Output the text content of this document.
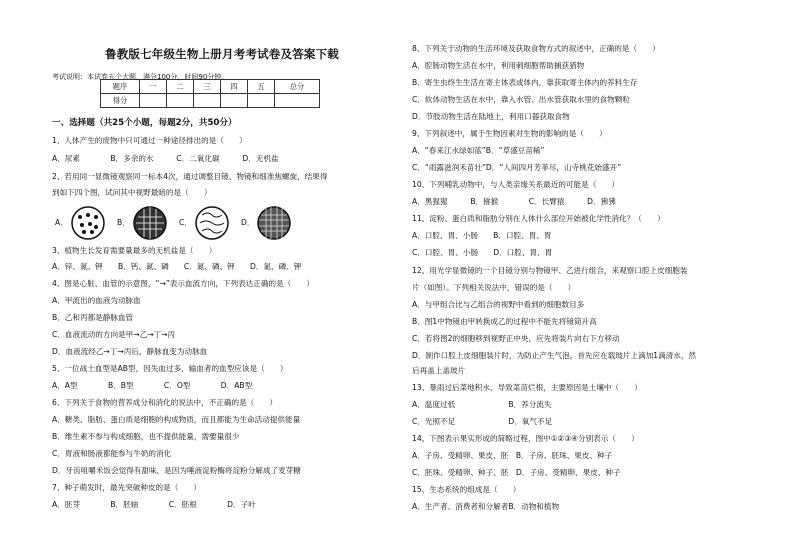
鲁教版七年级生物上册月考考试卷及答案下载
考试说明：本试卷五个大题，满分100分，时间90分钟。
题序	一	二	三	四	五	总分
得分						
一、选择题（共25个小题，每题2分，共50分）
1、人体产生的废物中只可通过一种途径排出的是（　　）
A．尿素　　　　B．多余的水　　　C．二氧化碳　　　D．无机盐
2、若用同一显微镜观察同一标本4次，通过调整目镜、物镜和细准焦螺旋，结果得
到如下四个图，试问其中视野最暗的是（　　）
A．	B．	C．	D．
3、植物生长发育需要量最多的无机盐是（　　）
A．锌、氮、钾　　B．钙、氮、磷　　C．氮、磷、钾　　D．氮、磷、钾
4、图是心脏、血管的示意图，“→”表示血流方向，下列表达正确的是（　　）
A．甲流出的血液为动脉血
B．乙和丙都是静脉血管
C．血液流动的方向是甲→乙→丁→丙
D．血液流经乙→丁→丙后，静脉血变为动脉血
5、一位战士血型是AB型，因失血过多，输血者的血型应该是（　　）
A．A型　　　　B．B型　　　　C．O型　　　　D．AB型
6、下列关于食物的营养成分和消化的说法中，不正确的是（　　）
A．糖类、脂肪、蛋白质是细胞的构成物质，而且都能为生命活动提供能量
B．维生素不参与构成细胞，也不提供能量，需要量很少
C．胃液和肠液都能参与牛奶的消化
D．牙齿咀嚼米饭会觉得有甜味，是因为唾液淀粉酶将淀粉分解成了麦芽糖
7、种子萌发时，最先突破种皮的是（　　）
A．胚芽　　　　B．胚轴　　　　C．胚根　　　　D．子叶
8、下列关于动物的生活环境及获取食物方式的叙述中，正确的是（　　）
A．腔肠动物生活在水中，利用刺细胞帮助捕获猎物
B．寄生虫终生生活在寄主体表或体内，靠获取寄主体内的养料生存
C．软体动物生活在水中，靠入水管、出水管获取水里的食物颗粒
D．节肢动物生活在陆地上，利用口器获取食物
9、下列叙述中，属于生物因素对生物的影响的是（　　）
A．“春来江水绿如蓝”B．“草盛豆苗稀”
C．“雨露滋润禾苗壮”D．“人间四月芳菲尽，山寺桃花始盛开”
10、下列哺乳动物中，与人类亲缘关系最近的可能是（　　）
A．黑猩猩　　　B．猕猴　　　　C．长臂猿　　　D．狒狒
11、淀粉、蛋白质和脂肪分别在人体什么部位开始被化学性消化？（　　）
A．口腔、胃、小肠　　B．口腔、胃、胃
C．口腔、胃、小肠　　D．口腔、胃、胃
12、用光学显微镜的一个目镜分别与物镜甲、乙进行组合，来观察口腔上皮细胞装
片（如图）。下列相关说法中，错误的是（　　）
A．与甲组合比与乙组合的视野中看到的细胞数目多
B．图1中物镜由甲转换成乙的过程中不能先将镜筒升高
C．若将图2的细胞移到视野正中央，应先将装片向右下方移动
D．制作口腔上皮细胞装片时，为防止产生气泡，首先应在载玻片上滴加1滴清水，然
后再盖上盖玻片
13、暴雨过后菜地积水，导致菜苗烂根，主要原因是土壤中（　　）
A．温度过低　　　　　　　B．养分流失
C．光照不足　　　　　　　D．氧气不足
14、下图表示果实形成的简略过程，图中①②③④分别表示（　　）
A．子房、受精卵、果皮、胚　B．子房、胚珠、果皮、种子
C．胚珠、受精卵、种子、胚　D．子房、受精卵、果皮、种子
15、生态系统的组成是（　　）
A．生产者、消费者和分解者B．动物和植物
